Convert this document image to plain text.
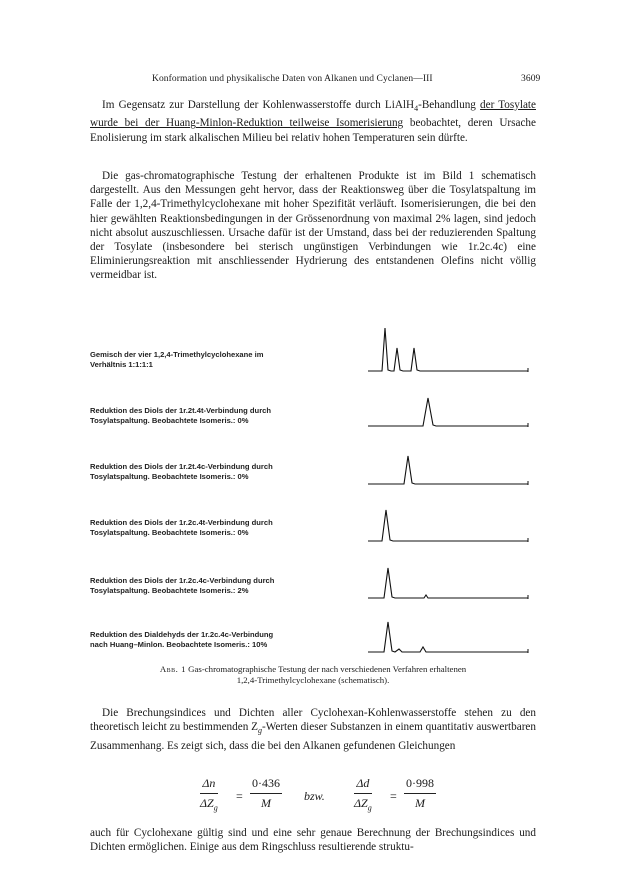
Konformation und physikalische Daten von Alkanen und Cyclanen—III	3609

Im Gegensatz zur Darstellung der Kohlenwasserstoffe durch LiAlH$_4$-Behandlung der Tosylate wurde bei der Huang-Minlon-Reduktion teilweise Isomerisierung beobachtet, deren Ursache Enolisierung im stark alkalischen Milieu bei relativ hohen Temperaturen sein dürfte.

Die gas-chromatographische Testung der erhaltenen Produkte ist im Bild 1 schematisch dargestellt. Aus den Messungen geht hervor, dass der Reaktionsweg über die Tosylatspaltung im Falle der 1,2,4-Trimethylcyclohexane mit hoher Spezifität verläuft. Isomerisierungen, die bei den hier gewählten Reaktionsbedingungen in der Grössenordnung von maximal 2% lagen, sind jedoch nicht absolut auszuschliessen. Ursache dafür ist der Umstand, dass bei der reduzierenden Spaltung der Tosylate (insbesondere bei sterisch ungünstigen Verbindungen wie 1r.2c.4c) eine Eliminierungsreaktion mit anschliessender Hydrierung des entstandenen Olefins nicht völlig vermeidbar ist.

Gemisch der vier 1,2,4-Trimethylcyclohexane im
Verhältnis 1:1:1:1
Reduktion des Diols der 1r.2t.4t-Verbindung durch
Tosylatspaltung. Beobachtete Isomeris.: 0%
Reduktion des Diols der 1r.2t.4c-Verbindung durch
Tosylatspaltung. Beobachtete Isomeris.: 0%
Reduktion des Diols der 1r.2c.4t-Verbindung durch
Tosylatspaltung. Beobachtete Isomeris.: 0%
Reduktion des Diols der 1r.2c.4c-Verbindung durch
Tosylatspaltung. Beobachtete Isomeris.: 2%
Reduktion des Dialdehyds der 1r.2c.4c-Verbindung
nach Huang–Minlon. Beobachtete Isomeris.: 10%
Abb. 1 Gas-chromatographische Testung der nach verschiedenen Verfahren erhaltenen
1,2,4-Trimethylcyclohexane (schematisch).

Die Brechungsindices und Dichten aller Cyclohexan-Kohlenwasserstoffe stehen zu den theoretisch leicht zu bestimmenden $Z_g$-Werten dieser Substanzen in einem quantitativ auswertbaren Zusammenhang. Es zeigt sich, dass die bei den Alkanen gefundenen Gleichungen

Δn
$\Delta Z_g$
= $\frac{0\cdot 436}{M}$ bzw.
Δd
$\Delta Z_g$
= $\frac{0\cdot 998}{M}$

auch für Cyclohexane gültig sind und eine sehr genaue Berechnung der Brechungsindices und Dichten ermöglichen. Einige aus dem Ringschluss resultierende struktu-
